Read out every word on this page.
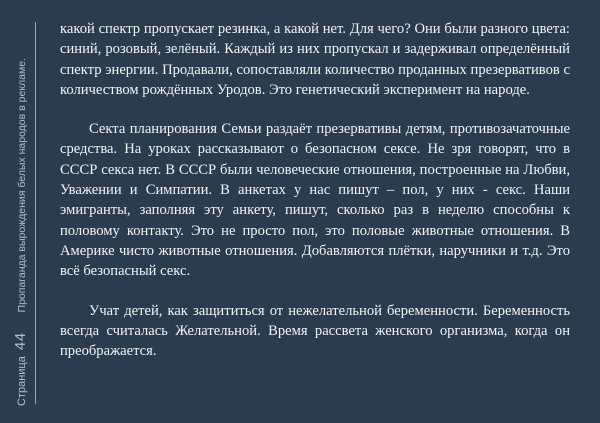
Страница
44
Пропаганда вырождения белых народов в рекламе.

какой спектр пропускает резинка, а какой нет. Для чего? Они были разного цвета: синий, розовый, зелёный. Каждый из них пропускал и задерживал определённый спектр энергии. Продавали, сопоставляли количество проданных презервативов с количеством рождённых Уродов. Это генетический эксперимент на народе.

Секта планирования Семьи раздаёт презервативы детям, противозачаточные средства. На уроках рассказывают о безопасном сексе. Не зря говорят, что в СССР секса нет. В СССР были человеческие отношения, построенные на Любви, Уважении и Симпатии. В анкетах у нас пишут – пол, у них - секс. Наши эмигранты, заполняя эту анкету, пишут, сколько раз в неделю способны к половому контакту. Это не просто пол, это половые животные отношения. В Америке чисто животные отношения. Добавляются плётки, наручники и т.д. Это всё безопасный секс.

Учат детей, как защититься от нежелательной беременности. Беременность всегда считалась Желательной. Время рассвета женского организма, когда он преображается.
